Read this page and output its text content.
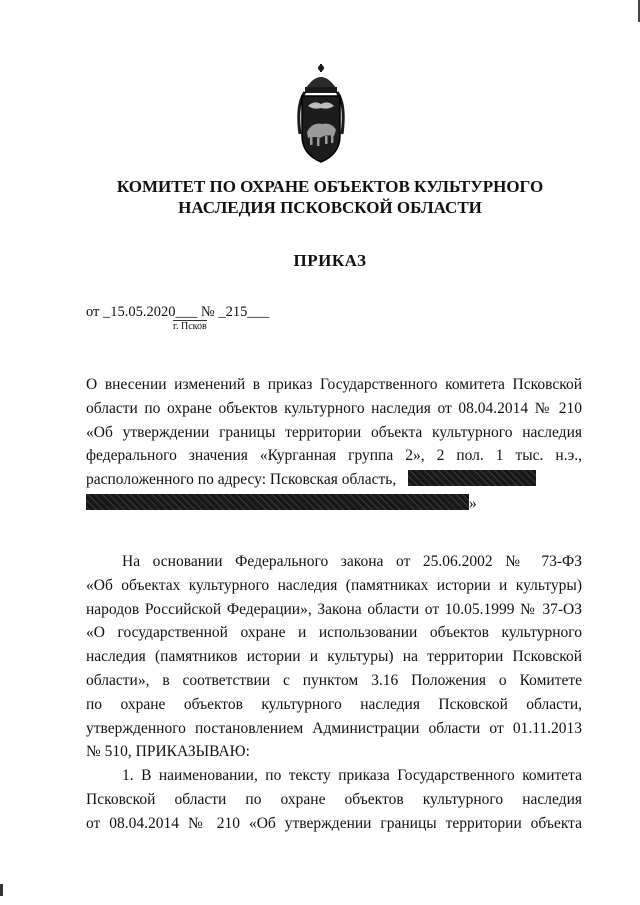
КОМИТЕТ ПО ОХРАНЕ ОБЪЕКТОВ КУЛЬТУРНОГО
НАСЛЕДИЯ ПСКОВСКОЙ ОБЛАСТИ
ПРИКАЗ
от _15.05.2020___ № _215___
г. Псков
О внесении изменений в приказ Государственного комитета Псковской
области по охране объектов культурного наследия от 08.04.2014 № 210
«Об утверждении границы территории объекта культурного наследия
федерального значения «Курганная группа 2», 2 пол. 1 тыс. н.э.,
расположенного по адресу: Псковская область,
»
На основании Федерального закона от 25.06.2002 № 73-ФЗ
«Об объектах культурного наследия (памятниках истории и культуры)
народов Российской Федерации», Закона области от 10.05.1999 № 37-ОЗ
«О государственной охране и использовании объектов культурного
наследия (памятников истории и культуры) на территории Псковской
области», в соответствии с пунктом 3.16 Положения о Комитете
по охране объектов культурного наследия Псковской области,
утвержденного постановлением Администрации области от 01.11.2013
№ 510, ПРИКАЗЫВАЮ:
1. В наименовании, по тексту приказа Государственного комитета
Псковской области по охране объектов культурного наследия
от 08.04.2014 № 210 «Об утверждении границы территории объекта
